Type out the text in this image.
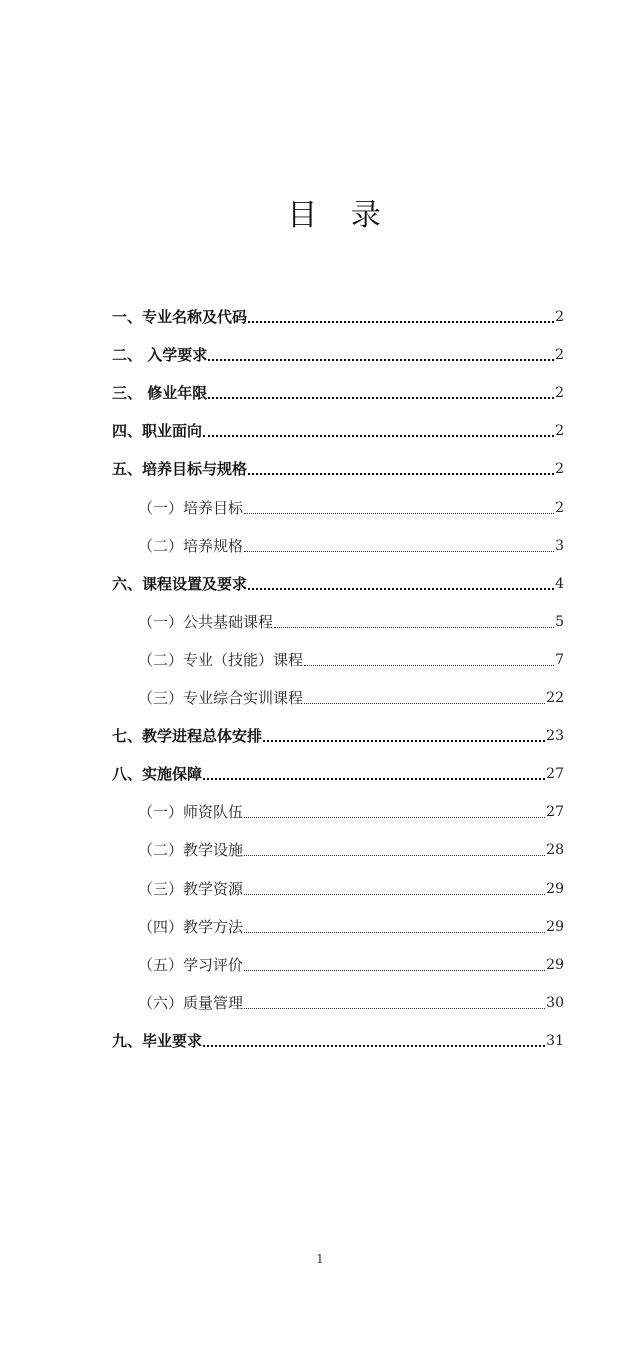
目 录
一、专业名称及代码	2
二、 入学要求	2
三、 修业年限	2
四、职业面向	2
五、培养目标与规格	2
（一）培养目标	2
（二）培养规格	3
六、课程设置及要求	4
（一）公共基础课程	5
（二）专业（技能）课程	7
（三）专业综合实训课程	22
七、教学进程总体安排	23
八、实施保障	27
（一）师资队伍	27
（二）教学设施	28
（三）教学资源	29
（四）教学方法	29
（五）学习评价	29
（六）质量管理	30
九、毕业要求	31
1
